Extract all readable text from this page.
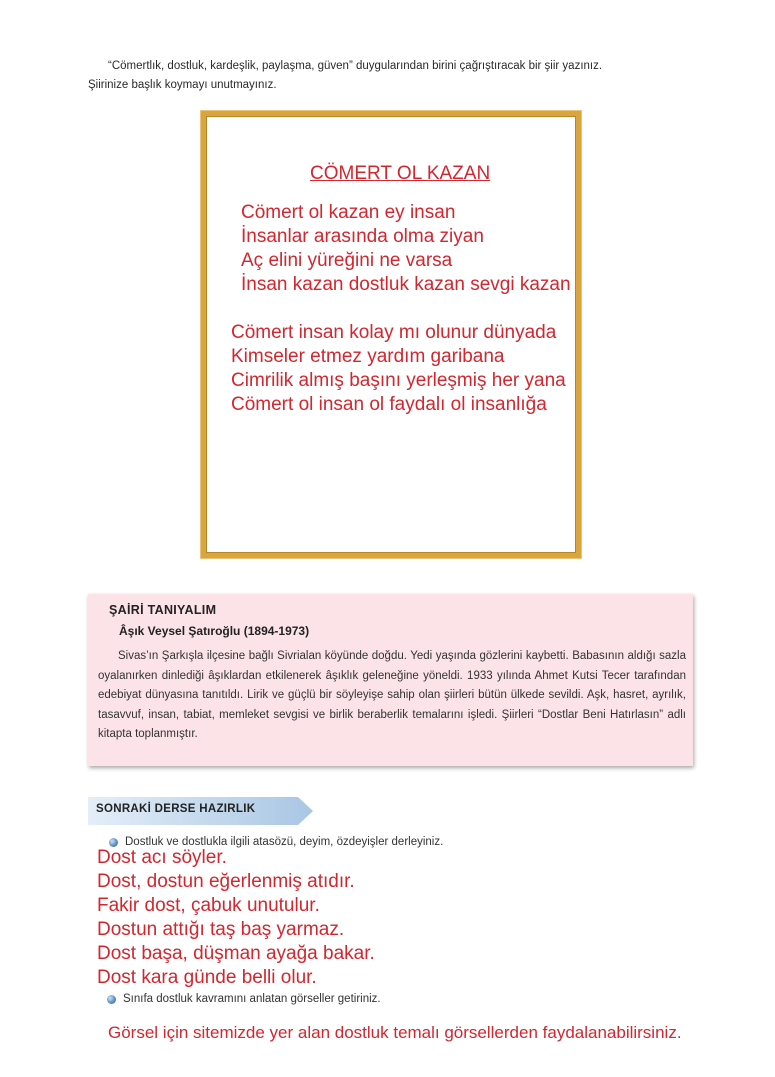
“Cömertlık, dostluk, kardeşlik, paylaşma, güven” duygularından birini çağrıştıracak bir şiir yazınız.
Şiirinize başlık koymayı unutmayınız.
CÖMERT OL KAZAN
Cömert ol kazan ey insan
İnsanlar arasında olma ziyan
Aç elini yüreğini ne varsa
İnsan kazan dostluk kazan sevgi kazan
Cömert insan kolay mı olunur dünyada
Kimseler etmez yardım garibana
Cimrilik almış başını yerleşmiş her yana
Cömert ol insan ol faydalı ol insanlığa
ŞAİRİ TANIYALIM
Âşık Veysel Şatıroğlu (1894-1973)
Sivas’ın Şarkışla ilçesine bağlı Sivrialan köyünde doğdu. Yedi yaşında gözlerini kaybetti. Babasının aldığı sazla oyalanırken dinlediği âşıklardan etkilenerek âşıklık geleneğine yöneldi. 1933 yılında Ahmet Kutsi Tecer tarafından edebiyat dünyasına tanıtıldı. Lirik ve güçlü bir söyleyişe sahip olan şiirleri bütün ülkede sevildi. Aşk, hasret, ayrılık, tasavvuf, insan, tabiat, memleket sevgisi ve birlik beraberlik temalarını işledi. Şiirleri “Dostlar Beni Hatırlasın” adlı kitapta toplanmıştır.
SONRAKİ DERSE HAZIRLIK
Dostluk ve dostlukla ilgili atasözü, deyim, özdeyişler derleyiniz.
Dost acı söyler.
Dost, dostun eğerlenmiş atıdır.
Fakir dost, çabuk unutulur.
Dostun attığı taş baş yarmaz.
Dost başa, düşman ayağa bakar.
Dost kara günde belli olur.
Sınıfa dostluk kavramını anlatan görseller getiriniz.
Görsel için sitemizde yer alan dostluk temalı görsellerden faydalanabilirsiniz.
